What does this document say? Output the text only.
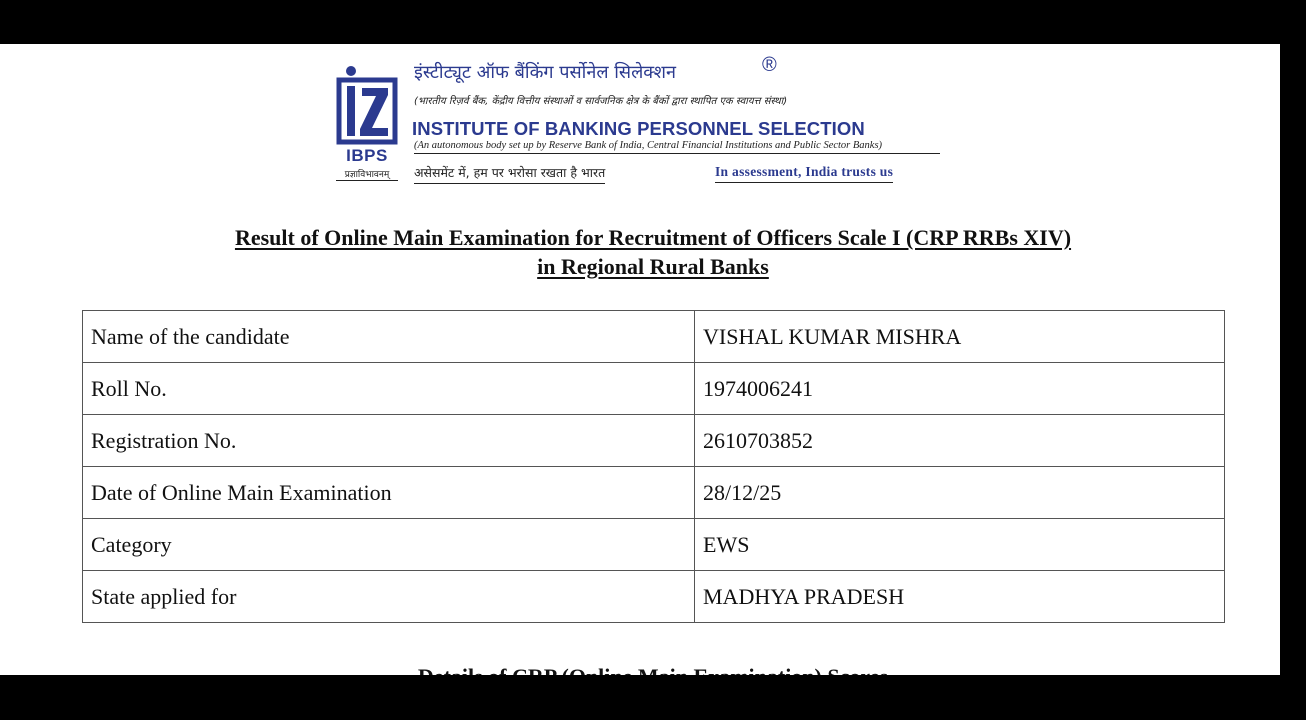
IBPS
प्रज्ञाविभावनम्
इंस्टीट्यूट ऑफ बैंकिंग पर्सोनेल सिलेक्शन	®
(भारतीय रिज़र्व बैंक, केंद्रीय वित्तीय संस्थाओं व सार्वजनिक क्षेत्र के बैंकों द्वारा स्थापित एक स्वायत्त संस्था)
INSTITUTE OF BANKING PERSONNEL SELECTION
(An autonomous body set up by Reserve Bank of India, Central Financial Institutions and Public Sector Banks)
असेसमेंट में, हम पर भरोसा रखता है भारत	In assessment, India trusts us
Result of Online Main Examination for Recruitment of Officers Scale I (CRP RRBs XIV)
in Regional Rural Banks
Name of the candidate	VISHAL KUMAR MISHRA
Roll No.	1974006241
Registration No.	2610703852
Date of Online Main Examination	28/12/25
Category	EWS
State applied for	MADHYA PRADESH
